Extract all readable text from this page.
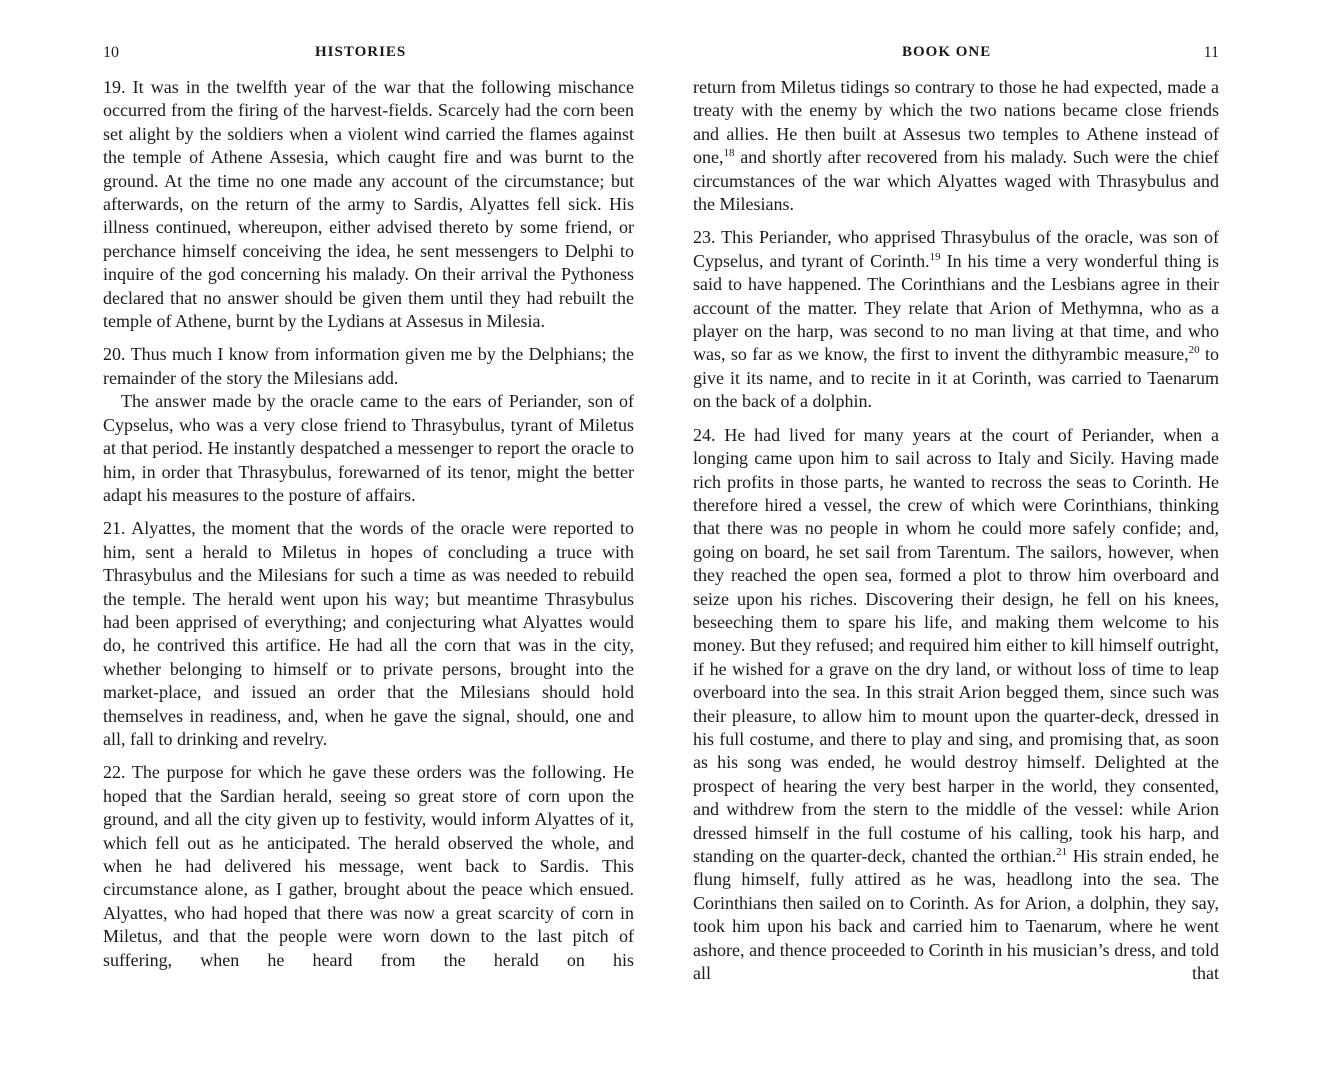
10	HISTORIES

19. It was in the twelfth year of the war that the following mischance occurred from the firing of the harvest-fields. Scarcely had the corn been set alight by the soldiers when a violent wind carried the flames against the temple of Athene Assesia, which caught fire and was burnt to the ground. At the time no one made any account of the circumstance; but afterwards, on the return of the army to Sardis, Alyattes fell sick. His illness continued, whereupon, either advised thereto by some friend, or perchance himself conceiving the idea, he sent messengers to Delphi to inquire of the god concerning his malady. On their arrival the Pythoness declared that no answer should be given them until they had rebuilt the temple of Athene, burnt by the Lydians at Assesus in Milesia.

20. Thus much I know from information given me by the Delphians; the remainder of the story the Milesians add.

The answer made by the oracle came to the ears of Periander, son of Cypselus, who was a very close friend to Thrasybulus, tyrant of Miletus at that period. He instantly despatched a messenger to report the oracle to him, in order that Thrasybulus, forewarned of its tenor, might the better adapt his measures to the posture of affairs.

21. Alyattes, the moment that the words of the oracle were reported to him, sent a herald to Miletus in hopes of concluding a truce with Thrasybulus and the Milesians for such a time as was needed to rebuild the temple. The herald went upon his way; but meantime Thrasybulus had been apprised of everything; and conjecturing what Alyattes would do, he contrived this artifice. He had all the corn that was in the city, whether belonging to himself or to private persons, brought into the market-place, and issued an order that the Milesians should hold themselves in readiness, and, when he gave the signal, should, one and all, fall to drinking and revelry.

22. The purpose for which he gave these orders was the following. He hoped that the Sardian herald, seeing so great store of corn upon the ground, and all the city given up to festivity, would inform Alyattes of it, which fell out as he anticipated. The herald observed the whole, and when he had delivered his message, went back to Sardis. This circumstance alone, as I gather, brought about the peace which ensued. Alyattes, who had hoped that there was now a great scarcity of corn in Miletus, and that the people were worn down to the last pitch of suffering, when he heard from the herald on his

BOOK ONE	11

return from Miletus tidings so contrary to those he had expected, made a treaty with the enemy by which the two nations became close friends and allies. He then built at Assesus two temples to Athene instead of one,$^{18}$ and shortly after recovered from his malady. Such were the chief circumstances of the war which Alyattes waged with Thrasybulus and the Milesians.

23. This Periander, who apprised Thrasybulus of the oracle, was son of Cypselus, and tyrant of Corinth.$^{19}$ In his time a very wonderful thing is said to have happened. The Corinthians and the Lesbians agree in their account of the matter. They relate that Arion of Methymna, who as a player on the harp, was second to no man living at that time, and who was, so far as we know, the first to invent the dithyrambic measure,$^{20}$ to give it its name, and to recite in it at Corinth, was carried to Taenarum on the back of a dolphin.

24. He had lived for many years at the court of Periander, when a longing came upon him to sail across to Italy and Sicily. Having made rich profits in those parts, he wanted to recross the seas to Corinth. He therefore hired a vessel, the crew of which were Corinthians, thinking that there was no people in whom he could more safely confide; and, going on board, he set sail from Tarentum. The sailors, however, when they reached the open sea, formed a plot to throw him overboard and seize upon his riches. Discovering their design, he fell on his knees, beseeching them to spare his life, and making them welcome to his money. But they refused; and required him either to kill himself outright, if he wished for a grave on the dry land, or without loss of time to leap overboard into the sea. In this strait Arion begged them, since such was their pleasure, to allow him to mount upon the quarter-deck, dressed in his full costume, and there to play and sing, and promising that, as soon as his song was ended, he would destroy himself. Delighted at the prospect of hearing the very best harper in the world, they consented, and withdrew from the stern to the middle of the vessel: while Arion dressed himself in the full costume of his calling, took his harp, and standing on the quarter-deck, chanted the orthian.$^{21}$ His strain ended, he flung himself, fully attired as he was, headlong into the sea. The Corinthians then sailed on to Corinth. As for Arion, a dolphin, they say, took him upon his back and carried him to Taenarum, where he went ashore, and thence proceeded to Corinth in his musician’s dress, and told all that
